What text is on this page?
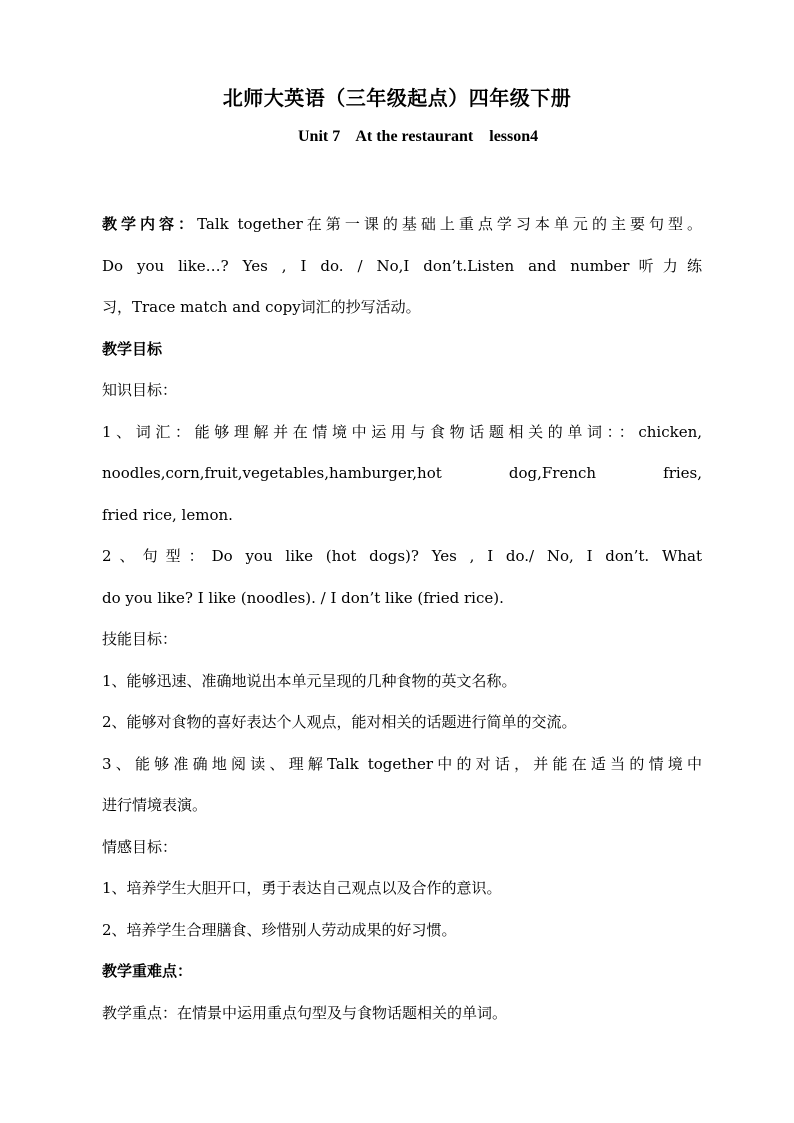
北师大英语（三年级起点）四年级下册
Unit 7    At the restaurant    lesson4
教学内容：Talk together在第一课的基础上重点学习本单元的主要句型。
Do you like…? Yes , I do. / No,I don’t.Listen and number听力练
习，Trace match and copy词汇的抄写活动。
教学目标
知识目标：
1、词汇：能够理解并在情境中运用与食物话题相关的单词：：chicken,
noodles,corn,fruit,vegetables,hamburger,hot dog,French fries,
fried rice, lemon.
2、句型：Do you like (hot dogs)? Yes , I do./ No, I don’t. What
do you like? I like (noodles). / I don’t like (fried rice).
技能目标：
1、能够迅速、准确地说出本单元呈现的几种食物的英文名称。
2、能够对食物的喜好表达个人观点，能对相关的话题进行简单的交流。
3、能够准确地阅读、理解Talk together中的对话，并能在适当的情境中
进行情境表演。
情感目标：
1、培养学生大胆开口，勇于表达自己观点以及合作的意识。
2、培养学生合理膳食、珍惜别人劳动成果的好习惯。
教学重难点：
教学重点：在情景中运用重点句型及与食物话题相关的单词。
